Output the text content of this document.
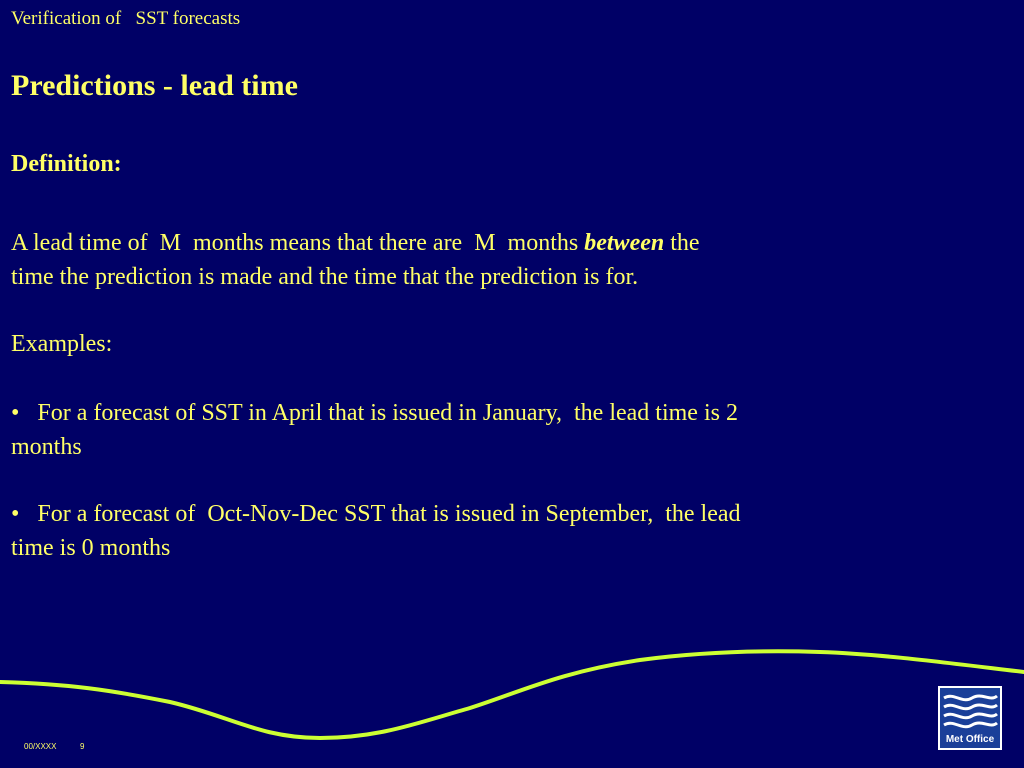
Verification of   SST forecasts
Predictions - lead time
Definition:
A lead time of  M  months means that there are  M  months between the
time the prediction is made and the time that the prediction is for.
Examples:
•   For a forecast of SST in April that is issued in January,  the lead time is 2
months
•   For a forecast of  Oct-Nov-Dec SST that is issued in September,  the lead
time is 0 months
00/XXXX	9
Met Office
